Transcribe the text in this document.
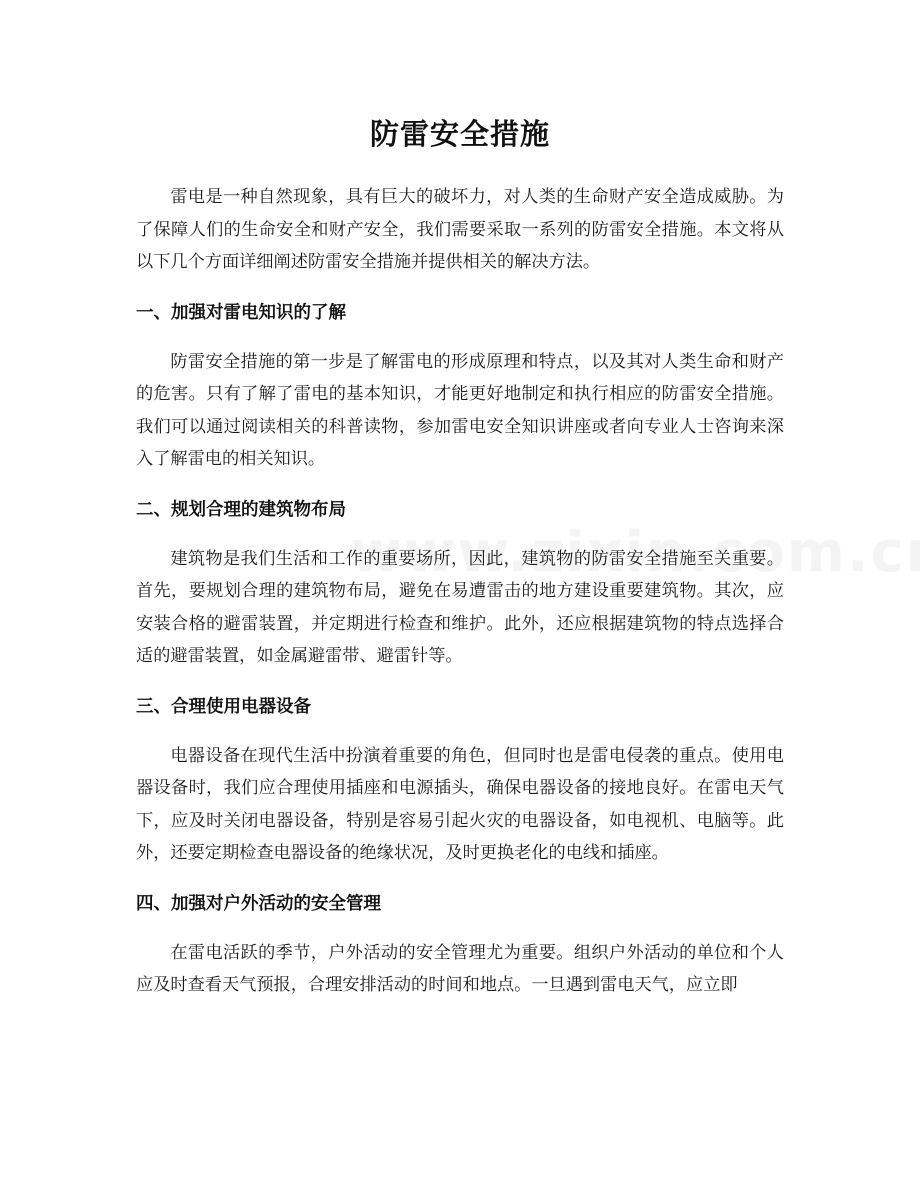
防雷安全措施

雷电是一种自然现象，具有巨大的破坏力，对人类的生命财产安全造成威胁。为了保障人们的生命安全和财产安全，我们需要采取一系列的防雷安全措施。本文将从以下几个方面详细阐述防雷安全措施并提供相关的解决方法。

一、加强对雷电知识的了解

防雷安全措施的第一步是了解雷电的形成原理和特点，以及其对人类生命和财产的危害。只有了解了雷电的基本知识，才能更好地制定和执行相应的防雷安全措施。我们可以通过阅读相关的科普读物，参加雷电安全知识讲座或者向专业人士咨询来深入了解雷电的相关知识。

二、规划合理的建筑物布局

建筑物是我们生活和工作的重要场所，因此，建筑物的防雷安全措施至关重要。首先，要规划合理的建筑物布局，避免在易遭雷击的地方建设重要建筑物。其次，应安装合格的避雷装置，并定期进行检查和维护。此外，还应根据建筑物的特点选择合适的避雷装置，如金属避雷带、避雷针等。

三、合理使用电器设备

电器设备在现代生活中扮演着重要的角色，但同时也是雷电侵袭的重点。使用电器设备时，我们应合理使用插座和电源插头，确保电器设备的接地良好。在雷电天气下，应及时关闭电器设备，特别是容易引起火灾的电器设备，如电视机、电脑等。此外，还要定期检查电器设备的绝缘状况，及时更换老化的电线和插座。

四、加强对户外活动的安全管理

在雷电活跃的季节，户外活动的安全管理尤为重要。组织户外活动的单位和个人应及时查看天气预报，合理安排活动的时间和地点。一旦遇到雷电天气，应立即
